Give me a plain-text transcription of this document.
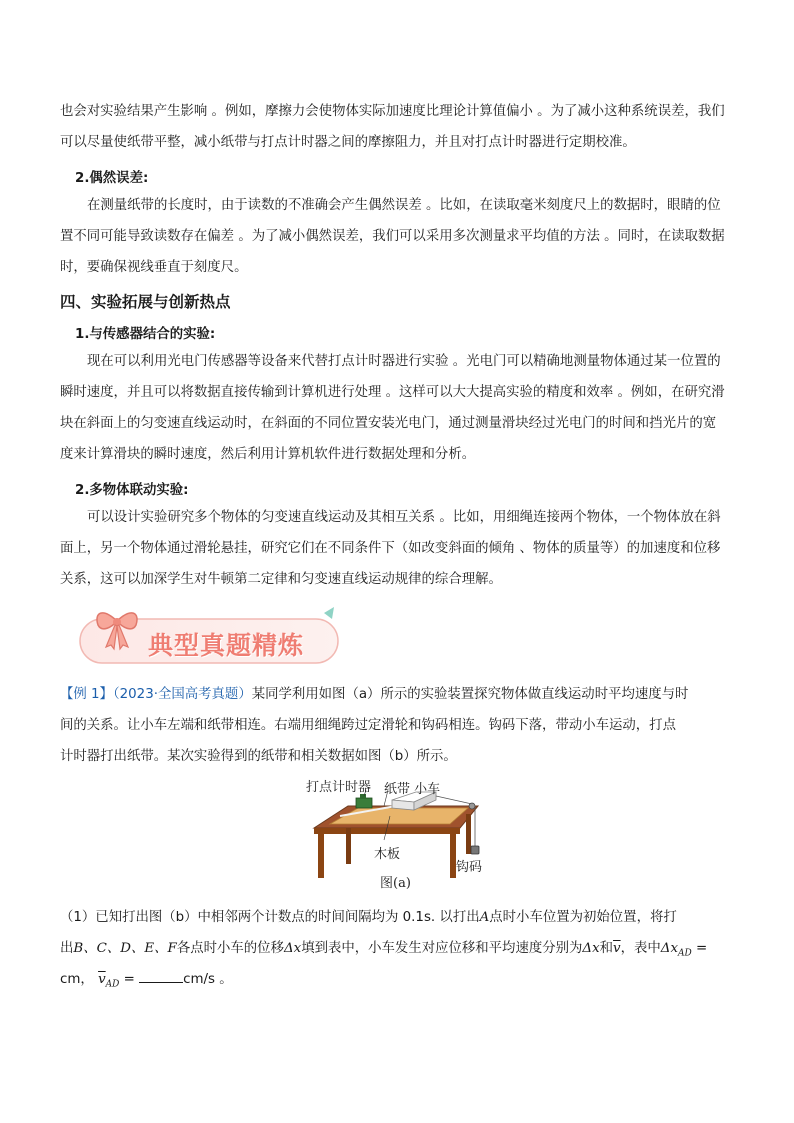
也会对实验结果产生影响 。例如，摩擦力会使物体实际加速度比理论计算值偏小 。为了减小这种系统误差，我们

可以尽量使纸带平整，减小纸带与打点计时器之间的摩擦阻力，并且对打点计时器进行定期校准。

2.偶然误差:

在测量纸带的长度时，由于读数的不准确会产生偶然误差 。比如，在读取毫米刻度尺上的数据时，眼睛的位

置不同可能导致读数存在偏差 。为了减小偶然误差，我们可以采用多次测量求平均值的方法 。同时，在读取数据

时，要确保视线垂直于刻度尺。

四、实验拓展与创新热点

1.与传感器结合的实验:

现在可以利用光电门传感器等设备来代替打点计时器进行实验 。光电门可以精确地测量物体通过某一位置的

瞬时速度，并且可以将数据直接传输到计算机进行处理 。这样可以大大提高实验的精度和效率 。例如，在研究滑

块在斜面上的匀变速直线运动时，在斜面的不同位置安装光电门，通过测量滑块经过光电门的时间和挡光片的宽

度来计算滑块的瞬时速度，然后利用计算机软件进行数据处理和分析。

2.多物体联动实验:

可以设计实验研究多个物体的匀变速直线运动及其相互关系 。比如，用细绳连接两个物体，一个物体放在斜

面上，另一个物体通过滑轮悬挂，研究它们在不同条件下（如改变斜面的倾角 、物体的质量等）的加速度和位移

关系，这可以加深学生对牛顿第二定律和匀变速直线运动规律的综合理解。

典型真题精炼

【例 1】（2023·全国高考真题）某同学利用如图（a）所示的实验装置探究物体做直线运动时平均速度与时

间的关系。让小车左端和纸带相连。右端用细绳跨过定滑轮和钩码相连。钩码下落，带动小车运动，打点

计时器打出纸带。某次实验得到的纸带和相关数据如图（b）所示。

打点计时器 纸带 小车
木板
钩码
图(a)

（1）已知打出图（b）中相邻两个计数点的时间间隔均为 0.1s. 以打出A点时小车位置为初始位置，将打

出B、C、D、E、F各点时小车的位移Δx填到表中，小车发生对应位移和平均速度分别为Δx和$\overline{v}$，表中$\Delta x_{AD}$ =

cm， $\overline{v}_{AD}$ =	cm/s 。
